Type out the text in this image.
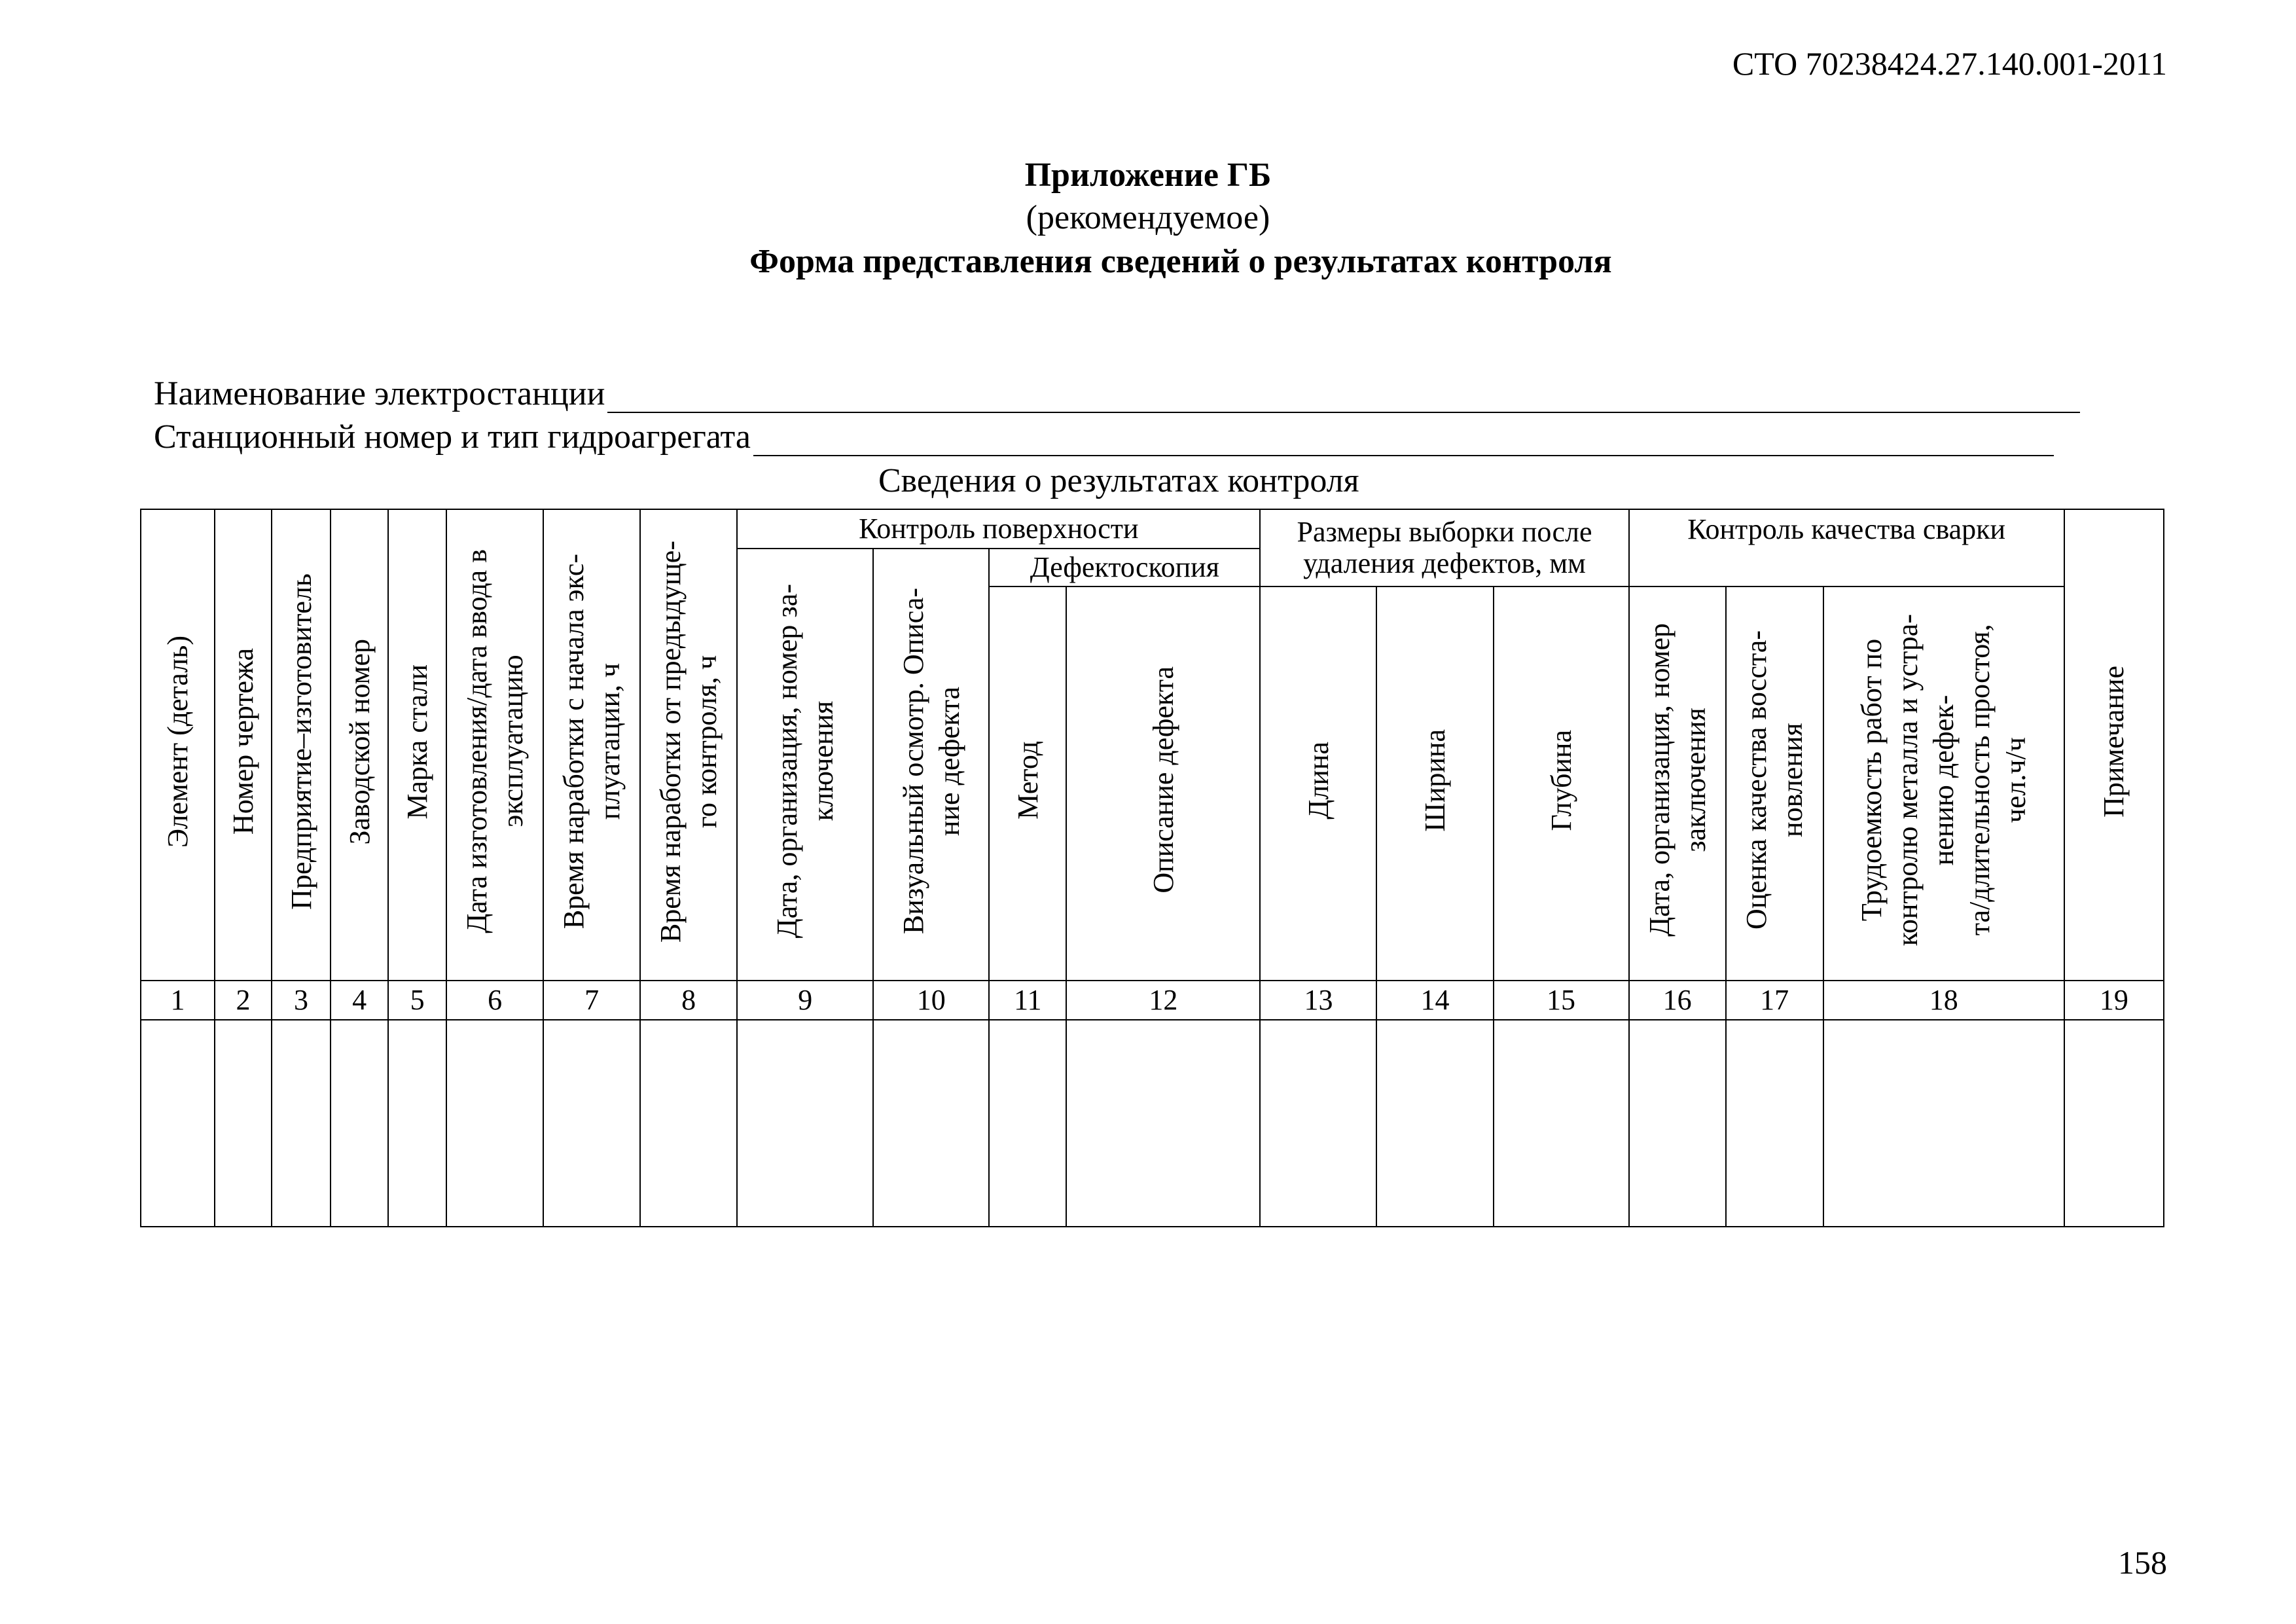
СТО 70238424.27.140.001-2011
Приложение ГБ
(рекомендуемое)
Форма представления сведений о результатах контроля
Наименование электростанции
Станционный номер и тип гидроагрегата
Сведения о результатах контроля
Элемент (деталь)	Номер чертежа	Предприятие–изготовитель	Заводской номер	Марка стали	Дата изготовления/дата ввода в эксплуатацию	Время наработки с начала экс- плуатации, ч	Время наработки от предыдуще- го контроля, ч	Контроль поверхности				Размеры выборки после удаления дефектов, мм			Контроль качества сварки			Примечание
								Дата, организация, номер за- ключения	Визуальный осмотр. Описа- ние дефекта	Дефектоскопия								
										Метод	Описание дефекта	Длина	Ширина	Глубина	Дата, организация, номер заключения	Оценка качества восста- новления	Трудоемкость работ по контролю металла и устра- нению дефек- та/длительность простоя, чел.ч/ч	
1	2	3	4	5	6	7	8	9	10	11	12	13	14	15	16	17	18	19

158
